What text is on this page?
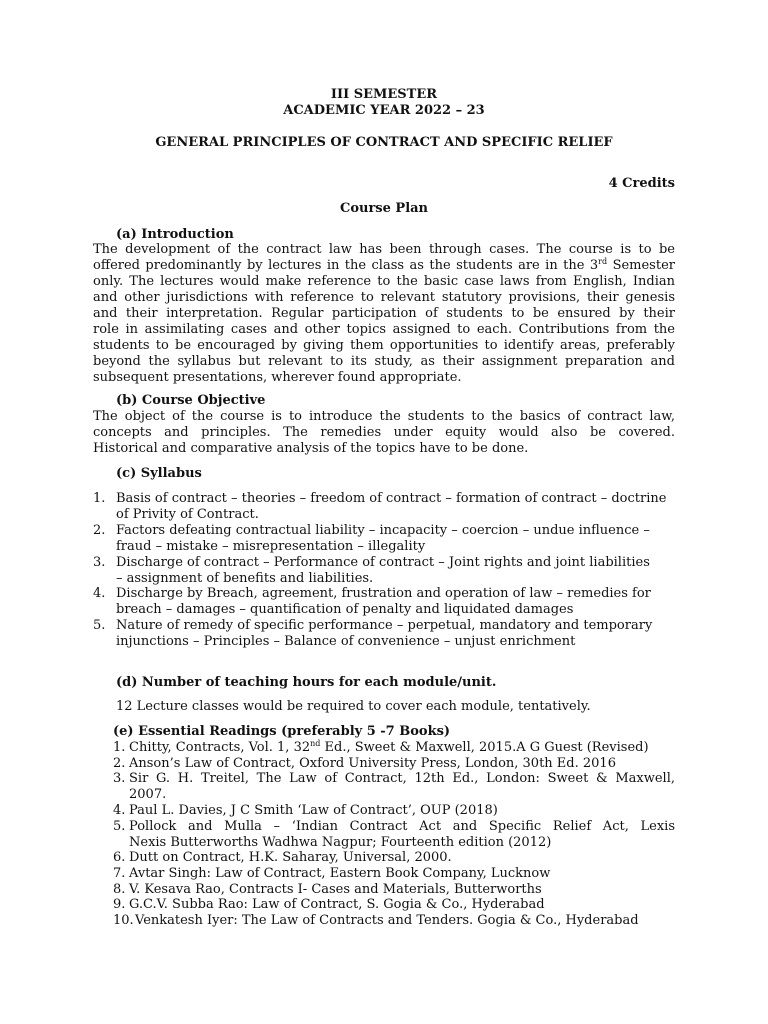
III SEMESTER
ACADEMIC YEAR 2022 – 23
GENERAL PRINCIPLES OF CONTRACT AND SPECIFIC RELIEF
4 Credits
Course Plan
(a) Introduction
The development of the contract law has been through cases. The course is to be
offered predominantly by lectures in the class as the students are in the 3rd Semester
only. The lectures would make reference to the basic case laws from English, Indian
and other jurisdictions with reference to relevant statutory provisions, their genesis
and their interpretation. Regular participation of students to be ensured by their
role in assimilating cases and other topics assigned to each. Contributions from the
students to be encouraged by giving them opportunities to identify areas, preferably
beyond the syllabus but relevant to its study, as their assignment preparation and
subsequent presentations, wherever found appropriate.
(b) Course Objective
The object of the course is to introduce the students to the basics of contract law,
concepts and principles. The remedies under equity would also be covered.
Historical and comparative analysis of the topics have to be done.
(c) Syllabus
1. Basis of contract – theories – freedom of contract – formation of contract – doctrine
of Privity of Contract.
2. Factors defeating contractual liability – incapacity – coercion – undue influence –
fraud – mistake – misrepresentation – illegality
3. Discharge of contract – Performance of contract – Joint rights and joint liabilities
– assignment of benefits and liabilities.
4. Discharge by Breach, agreement, frustration and operation of law – remedies for
breach – damages – quantification of penalty and liquidated damages
5. Nature of remedy of specific performance – perpetual, mandatory and temporary
injunctions – Principles – Balance of convenience – unjust enrichment
(d) Number of teaching hours for each module/unit.
12 Lecture classes would be required to cover each module, tentatively.
(e) Essential Readings (preferably 5 -7 Books)
1. Chitty, Contracts, Vol. 1, 32nd Ed., Sweet & Maxwell, 2015.A G Guest (Revised)
2. Anson’s Law of Contract, Oxford University Press, London, 30th Ed. 2016
3. Sir G. H. Treitel, The Law of Contract, 12th Ed., London: Sweet & Maxwell,
2007.
4. Paul L. Davies, J C Smith ‘Law of Contract’, OUP (2018)
5. Pollock and Mulla – ‘Indian Contract Act and Specific Relief Act, Lexis
Nexis Butterworths Wadhwa Nagpur; Fourteenth edition (2012)
6. Dutt on Contract, H.K. Saharay, Universal, 2000.
7. Avtar Singh: Law of Contract, Eastern Book Company, Lucknow
8. V. Kesava Rao, Contracts I- Cases and Materials, Butterworths
9. G.C.V. Subba Rao: Law of Contract, S. Gogia & Co., Hyderabad
10. Venkatesh Iyer: The Law of Contracts and Tenders. Gogia & Co., Hyderabad
